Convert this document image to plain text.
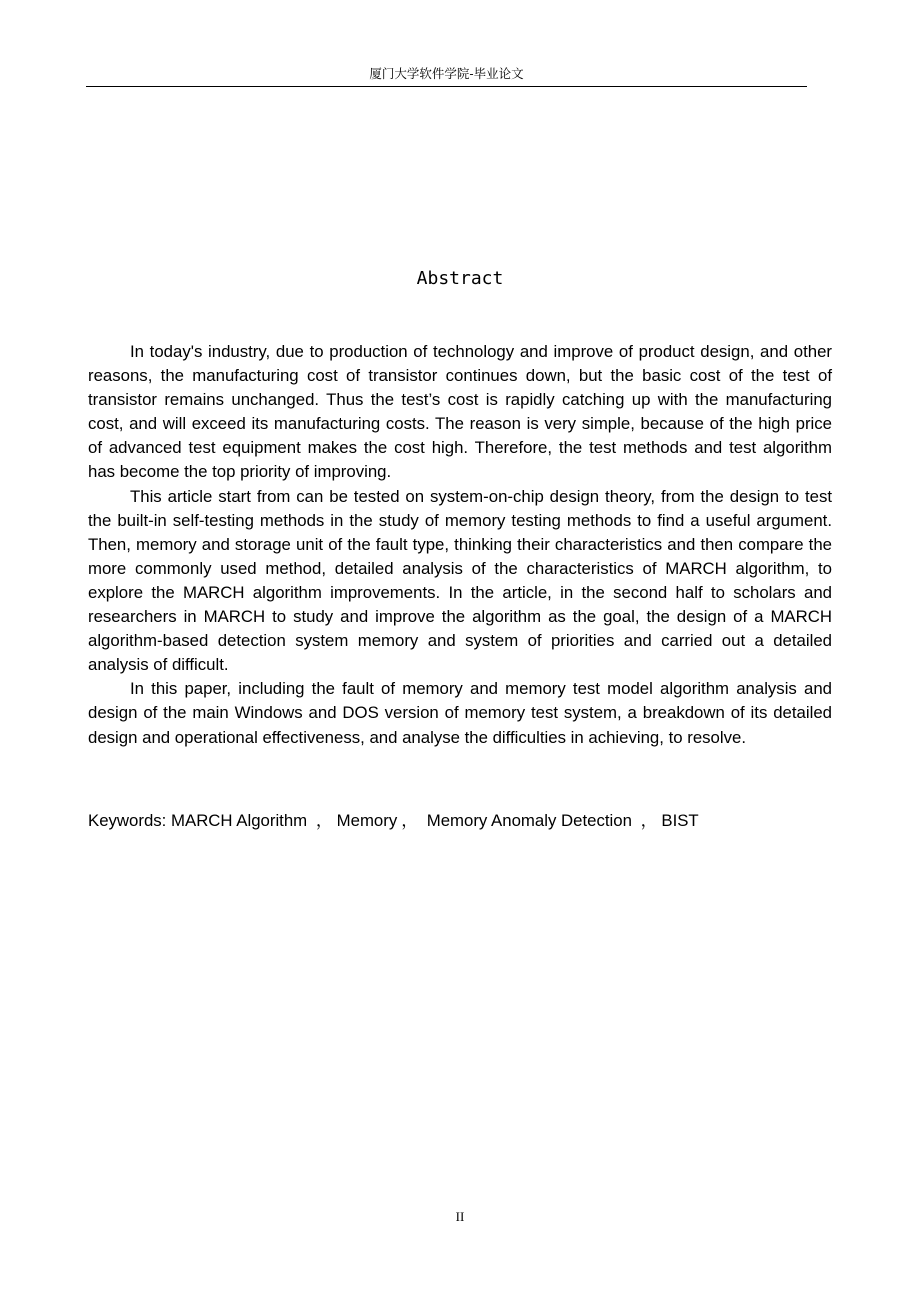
厦门大学软件学院-毕业论文
Abstract

In today's industry, due to production of technology and improve of product design, and other reasons, the manufacturing cost of transistor continues down, but the basic cost of the test of transistor remains unchanged. Thus the test’s cost is rapidly catching up with the manufacturing cost, and will exceed its manufacturing costs. The reason is very simple, because of the high price of advanced test equipment makes the cost high. Therefore, the test methods and test algorithm has become the top priority of improving.

This article start from can be tested on system-on-chip design theory, from the design to test the built-in self-testing methods in the study of memory testing methods to find a useful argument. Then, memory and storage unit of the fault type, thinking their characteristics and then compare the more commonly used method, detailed analysis of the characteristics of MARCH algorithm, to explore the MARCH algorithm improvements. In the article, in the second half to scholars and researchers in MARCH to study and improve the algorithm as the goal, the design of a MARCH algorithm-based detection system memory and system of priorities and carried out a detailed analysis of difficult.

In this paper, including the fault of memory and memory test model algorithm analysis and design of the main Windows and DOS version of memory test system, a breakdown of its detailed design and operational effectiveness, and analyse the difficulties in achieving, to resolve.

Keywords: MARCH Algorithm ， Memory ， Memory Anomaly Detection ， BIST
II
